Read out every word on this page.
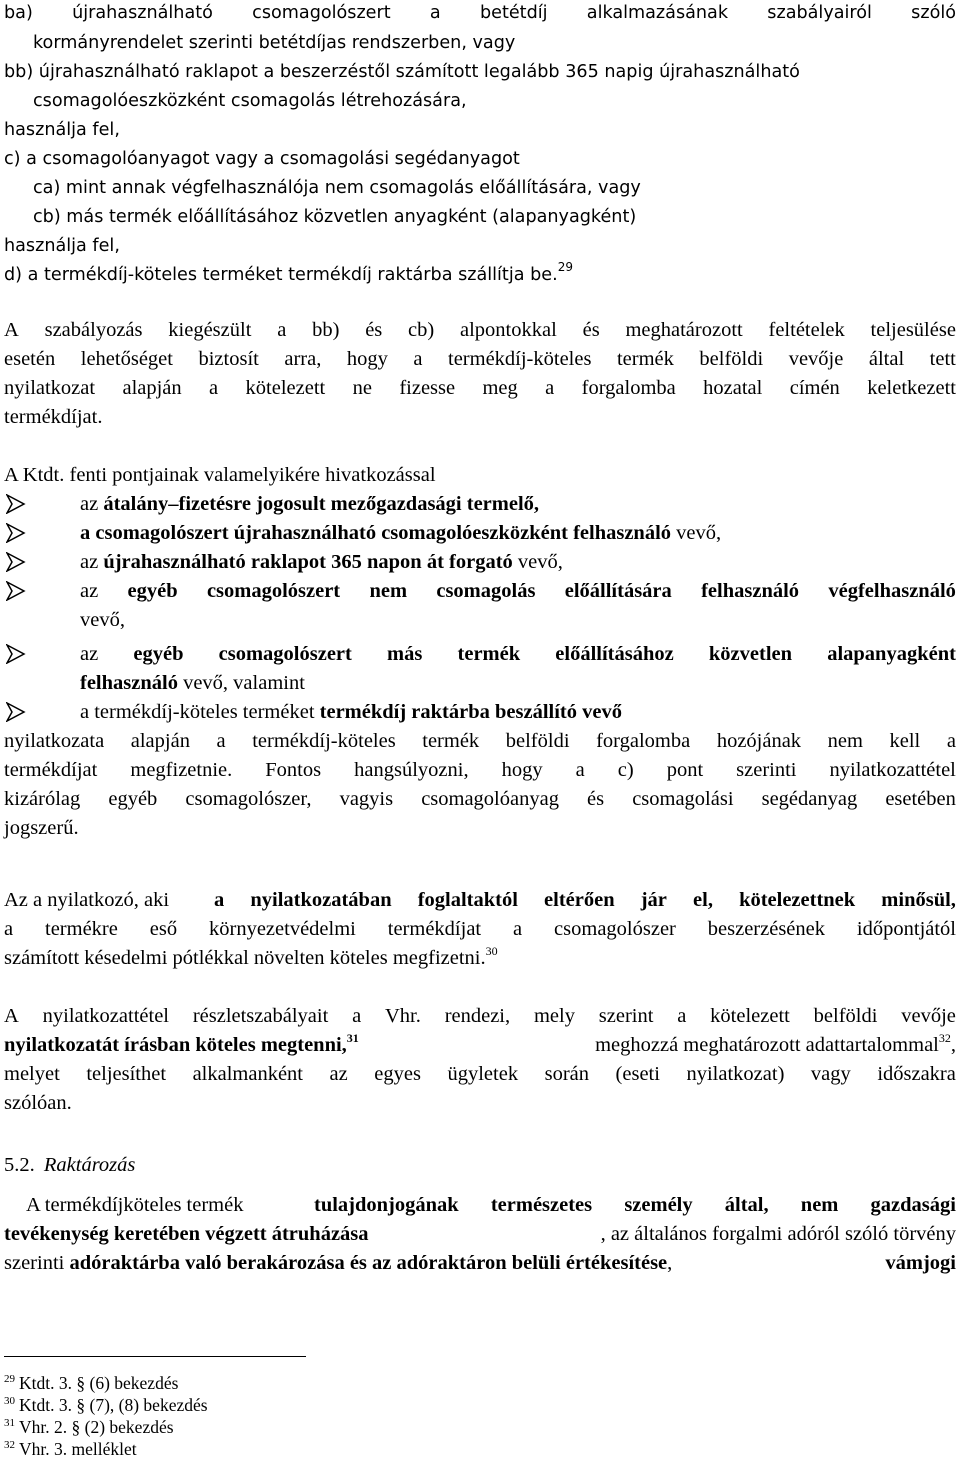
ba) újrahasználható csomagolószert a betétdíj alkalmazásának szabályairól szóló
kormányrendelet szerinti betétdíjas rendszerben, vagy
bb) újrahasználható raklapot a beszerzéstől számított legalább 365 napig újrahasználható
csomagolóeszközként csomagolás létrehozására,
használja fel,
c) a csomagolóanyagot vagy a csomagolási segédanyagot
ca) mint annak végfelhasználója nem csomagolás előállítására, vagy
cb) más termék előállításához közvetlen anyagként (alapanyagként)
használja fel,
d) a termékdíj-köteles terméket termékdíj raktárba szállítja be.$^{29}$
A szabályozás kiegészült a bb) és cb) alpontokkal és meghatározott feltételek teljesülése
esetén lehetőséget biztosít arra, hogy a termékdíj-köteles termék belföldi vevője által tett
nyilatkozat alapján a kötelezett ne fizesse meg a forgalomba hozatal címén keletkezett
termékdíjat.
A Ktdt. fenti pontjainak valamelyikére hivatkozással
az átalány–fizetésre jogosult mezőgazdasági termelő,
a csomagolószert újrahasználható csomagolóeszközként felhasználó vevő,
az újrahasználható raklapot 365 napon át forgató vevő,
az egyéb csomagolószert nem csomagolás előállítására felhasználó végfelhasználó
vevő,
az egyéb csomagolószert más termék előállításához közvetlen alapanyagként
felhasználó vevő, valamint
a termékdíj-köteles terméket termékdíj raktárba beszállító vevő
nyilatkozata alapján a termékdíj-köteles termék belföldi forgalomba hozójának nem kell a
termékdíjat megfizetnie. Fontos hangsúlyozni, hogy a c) pont szerinti nyilatkozattétel
kizárólag egyéb csomagolószer, vagyis csomagolóanyag és csomagolási segédanyag esetében
jogszerű.
Az a nyilatkozó, aki a nyilatkozatában foglaltaktól eltérően jár el, kötelezettnek minősül,
a termékre eső környezetvédelmi termékdíjat a csomagolószer beszerzésének időpontjától
számított késedelmi pótlékkal növelten köteles megfizetni.$^{30}$
A nyilatkozattétel részletszabályait a Vhr. rendezi, mely szerint a kötelezett belföldi vevője
nyilatkozatát írásban köteles megtenni,$^{31}$	meghozzá meghatározott adattartalommal$^{32}$,
melyet teljesíthet alkalmanként az egyes ügyletek során (eseti nyilatkozat) vagy időszakra
szólóan.
5.2. Raktározás
A termékdíjköteles termék	tulajdonjogának természetes személy által, nem gazdasági
tevékenység keretében végzett átruházása	, az általános forgalmi adóról szóló törvény
szerinti adóraktárba való berakározása és az adóraktáron belüli értékesítése,	vámjogi
$^{29}$ Ktdt. 3. § (6) bekezdés
$^{30}$ Ktdt. 3. § (7), (8) bekezdés
$^{31}$ Vhr. 2. § (2) bekezdés
$^{32}$ Vhr. 3. melléklet
